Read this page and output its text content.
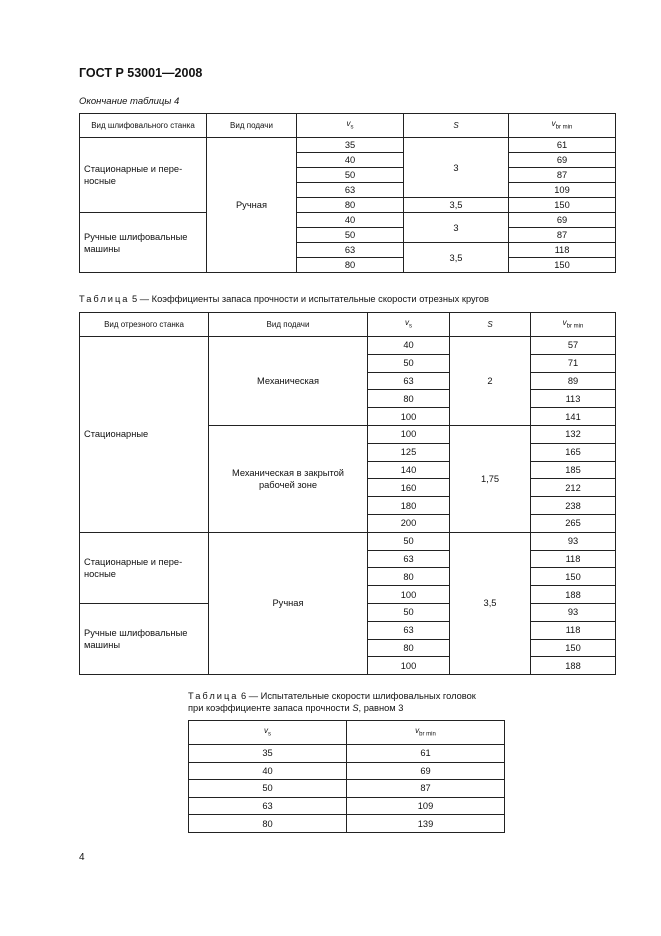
ГОСТ Р 53001—2008
Окончание таблицы 4
Вид шлифовального станка	Вид подачи	$v_s$	S	$v_{br min}$
Стационарные и пере-носные	Ручная	35	3	61
		40		69
		50		87
		63		109
		80	3,5	150
Ручные шлифовальные машины		40	3	69
		50		87
		63	3,5	118
		80		150
Таблица 5 — Коэффициенты запаса прочности и испытательные скорости отрезных кругов
Вид отрезного станка	Вид подачи	$v_s$	S	$v_{br min}$
Стационарные	Механическая	40	2	57
		50		71
		63		89
		80		113
		100		141
	Механическая в закрытой рабочей зоне	100	1,75	132
		125		165
		140		185
		160		212
		180		238
		200		265
Стационарные и пере-носные	Ручная	50	3,5	93
		63		118
		80		150
		100		188
Ручные шлифовальные машины		50		93
		63		118
		80		150
		100		188
Таблица 6 — Испытательные скорости шлифовальных головок
при коэффициенте запаса прочности S, равном 3
$v_s$	$v_{br min}$
35	61
40	69
50	87
63	109
80	139
4
